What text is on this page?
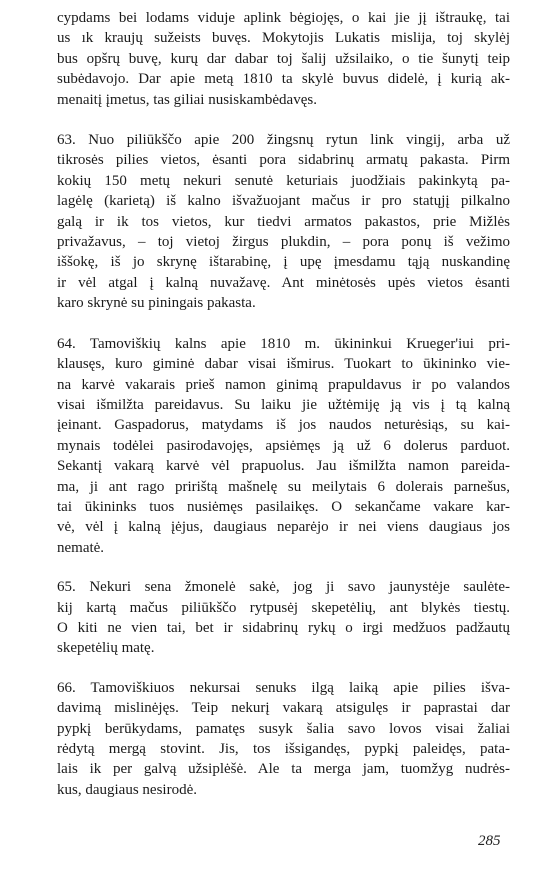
cypdams bei lodams viduje aplink bėgiojęs, o kai jie jį ištraukę, tai
us ık kraujų sužeists buvęs. Mokytojis Lukatis mislija, toj skylėj
bus opšrų buvę, kurų dar dabar toj šalij užsilaiko, o tie šunytį teip
subėdavojo. Dar apie metą 1810 ta skylė buvus didelė, į kurią ak-
menaitį įmetus, tas giliai nusiskambėdavęs.

63. Nuo piliūkščo apie 200 žingsnų rytun link vingij, arba už
tikrosės pilies vietos, ėsanti pora sidabrinų armatų pakasta. Pirm
kokių 150 metų nekuri senutė keturiais juodžiais pakinkytą pa-
lagėlę (karietą) iš kalno išvažuojant mačus ir pro statųjį pilkalno
galą ir ik tos vietos, kur tiedvi armatos pakastos, prie Mižlės
privažavus, – toj vietoj žirgus plukdin, – pora ponų iš vežimo
iššokę, iš jo skrynę ištarabinę, į upę įmesdamu tąją nuskandinę
ir vėl atgal į kalną nuvažavę. Ant minėtosės upės vietos ėsanti
karo skrynė su piningais pakasta.

64. Tamoviškių kalns apie 1810 m. ūkininkui Krueger'iui pri-
klausęs, kuro giminė dabar visai išmirus. Tuokart to ūkininko vie-
na karvė vakarais prieš namon ginimą prapuldavus ir po valandos
visai išmilžta pareidavus. Su laiku jie užtėmiję ją vis į tą kalną
įeinant. Gaspadorus, matydams iš jos naudos neturėsiąs, su kai-
mynais todėlei pasirodavojęs, apsiėmęs ją už 6 dolerus parduot.
Sekantį vakarą karvė vėl prapuolus. Jau išmilžta namon pareida-
ma, ji ant rago pririštą mašnelę su meilytais 6 dolerais parnešus,
tai ūkininks tuos nusiėmęs pasilaikęs. O sekančame vakare kar-
vė, vėl į kalną įėjus, daugiaus neparėjo ir nei viens daugiaus jos
nematė.

65. Nekuri sena žmonelė sakė, jog ji savo jaunystėje saulėte-
kij kartą mačus piliūkščo rytpusėj skepetėlių, ant blykės tiestų.
O kiti ne vien tai, bet ir sidabrinų rykų o irgi medžuos padžautų
skepetėlių matę.

66. Tamoviškiuos nekursai senuks ilgą laiką apie pilies išva-
davimą mislinėjęs. Teip nekurį vakarą atsigulęs ir paprastai dar
pypkį berūkydams, pamatęs susyk šalia savo lovos visai žaliai
rėdytą mergą stovint. Jis, tos išsigandęs, pypkį paleidęs, pata-
lais ik per galvą užsiplėšė. Ale ta merga jam, tuomžyg nudrės-
kus, daugiaus nesirodė.

285
